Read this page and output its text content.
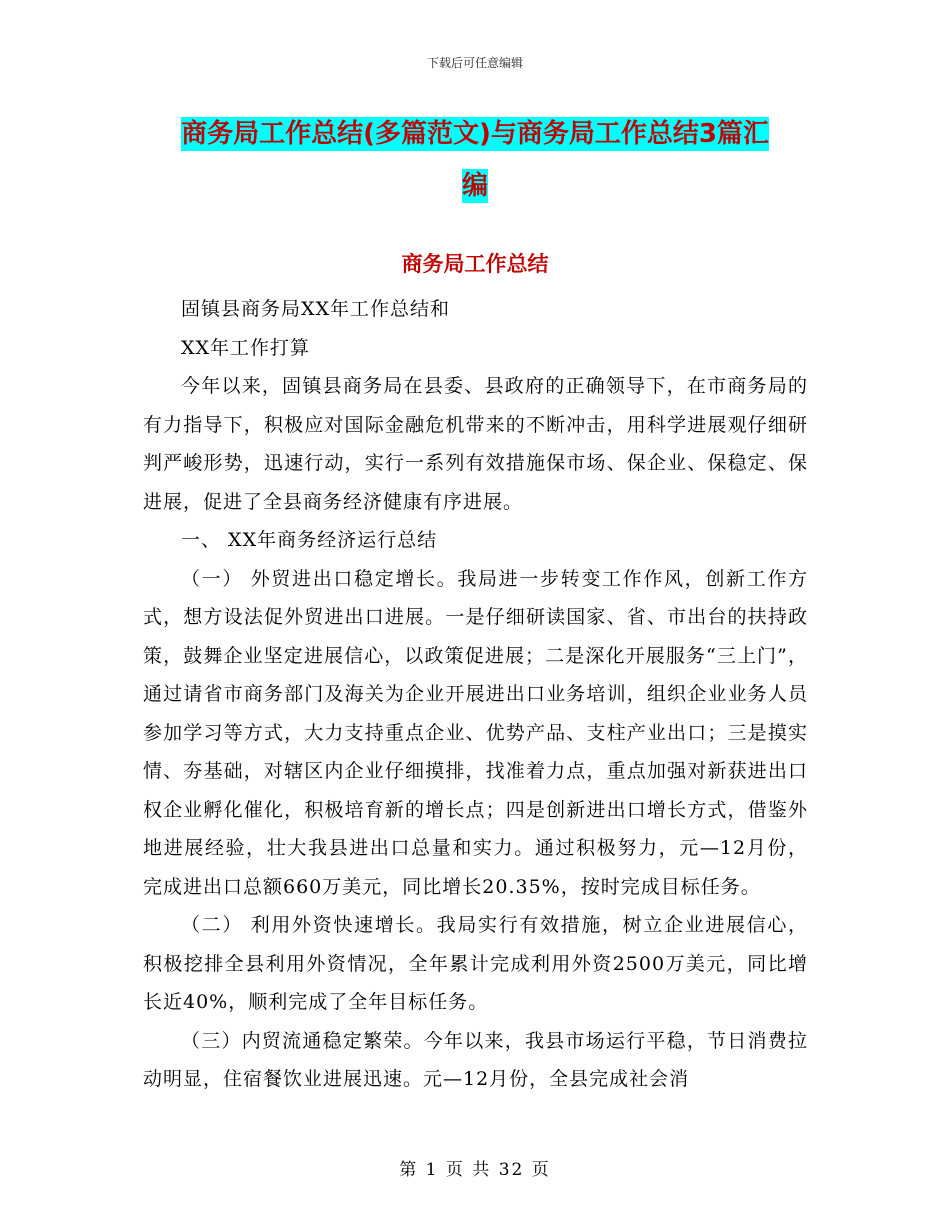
下载后可任意编辑
商务局工作总结(多篇范文)与商务局工作总结3篇汇
编
商务局工作总结

固镇县商务局XX年工作总结和

XX年工作打算

今年以来，固镇县商务局在县委、县政府的正确领导下，在市商务局的有力指导下，积极应对国际金融危机带来的不断冲击，用科学进展观仔细研判严峻形势，迅速行动，实行一系列有效措施保市场、保企业、保稳定、保进展，促进了全县商务经济健康有序进展。

一、 XX年商务经济运行总结

（一） 外贸进出口稳定增长。我局进一步转变工作作风，创新工作方式，想方设法促外贸进出口进展。一是仔细研读国家、省、市出台的扶持政策，鼓舞企业坚定进展信心，以政策促进展；二是深化开展服务“三上门”，通过请省市商务部门及海关为企业开展进出口业务培训，组织企业业务人员参加学习等方式，大力支持重点企业、优势产品、支柱产业出口；三是摸实情、夯基础，对辖区内企业仔细摸排，找准着力点，重点加强对新获进出口权企业孵化催化，积极培育新的增长点；四是创新进出口增长方式，借鉴外地进展经验，壮大我县进出口总量和实力。通过积极努力，元—12月份，完成进出口总额660万美元，同比增长20.35%，按时完成目标任务。

（二） 利用外资快速增长。我局实行有效措施，树立企业进展信心，积极挖排全县利用外资情况，全年累计完成利用外资2500万美元，同比增长近40%，顺利完成了全年目标任务。

（三）内贸流通稳定繁荣。今年以来，我县市场运行平稳，节日消费拉动明显，住宿餐饮业进展迅速。元—12月份，全县完成社会消

第 1 页 共 32 页
